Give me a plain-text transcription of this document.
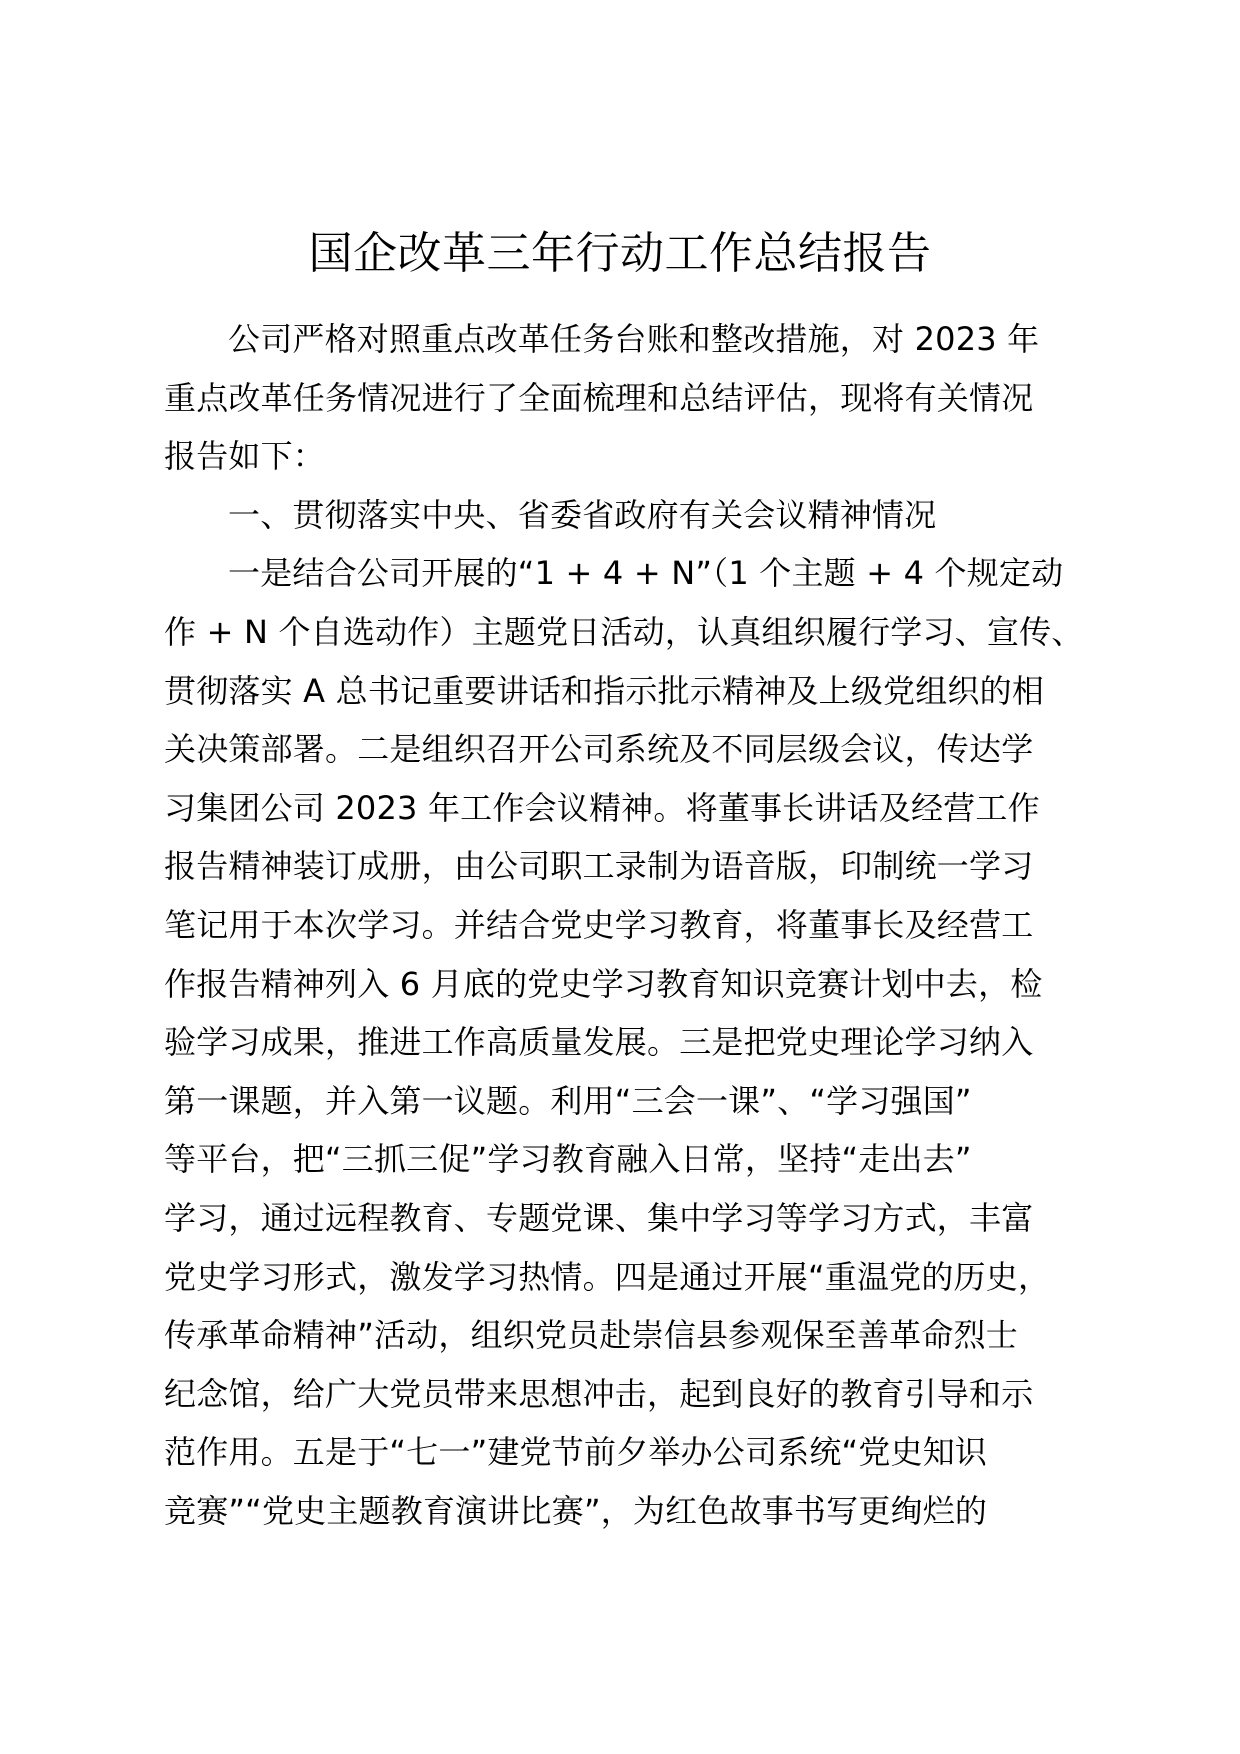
国企改革三年行动工作总结报告
公司严格对照重点改革任务台账和整改措施，对 2023 年
重点改革任务情况进行了全面梳理和总结评估，现将有关情况
报告如下：
一、贯彻落实中央、省委省政府有关会议精神情况
一是结合公司开展的“1 + 4 + N”（1 个主题 + 4 个规定动
作 + N 个自选动作）主题党日活动，认真组织履行学习、宣传、
贯彻落实 A 总书记重要讲话和指示批示精神及上级党组织的相
关决策部署。二是组织召开公司系统及不同层级会议，传达学
习集团公司 2023 年工作会议精神。将董事长讲话及经营工作
报告精神装订成册，由公司职工录制为语音版，印制统一学习
笔记用于本次学习。并结合党史学习教育，将董事长及经营工
作报告精神列入 6 月底的党史学习教育知识竞赛计划中去，检
验学习成果，推进工作高质量发展。三是把党史理论学习纳入
第一课题，并入第一议题。利用“三会一课”、“学习强国”
等平台，把“三抓三促”学习教育融入日常，坚持“走出去”
学习，通过远程教育、专题党课、集中学习等学习方式，丰富
党史学习形式，激发学习热情。四是通过开展“重温党的历史，
传承革命精神”活动，组织党员赴崇信县参观保至善革命烈士
纪念馆，给广大党员带来思想冲击，起到良好的教育引导和示
范作用。五是于“七一”建党节前夕举办公司系统“党史知识
竞赛”“党史主题教育演讲比赛”，为红色故事书写更绚烂的
